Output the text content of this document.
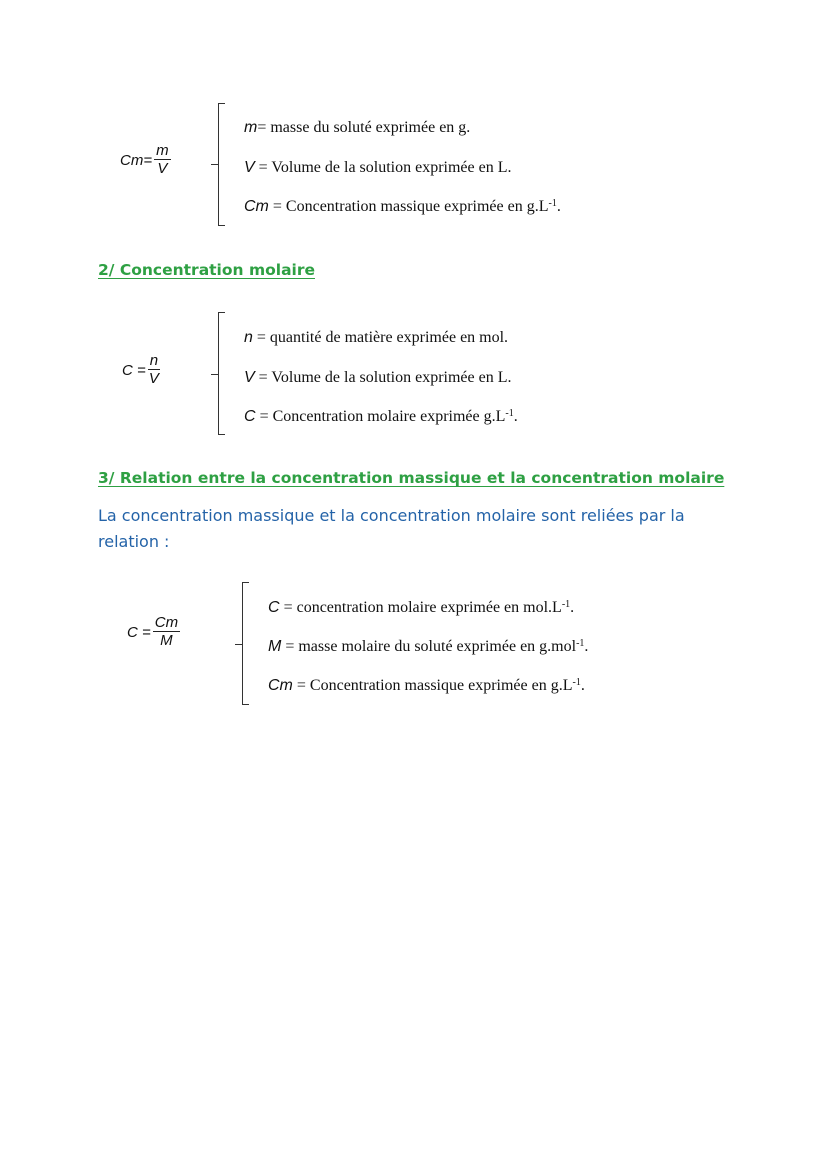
$Cm= \frac{m}{V}$
m= masse du soluté exprimée en g.
V = Volume de la solution exprimée en L.
Cm = Concentration massique exprimée en $g.L^{-1}$.
2/ Concentration molaire
$C = \frac{n}{V}$
n = quantité de matière exprimée en mol.
V = Volume de la solution exprimée en L.
C = Concentration molaire exprimée $g.L^{-1}$.
3/ Relation entre la concentration massique et la concentration molaire
La concentration massique et la concentration molaire sont reliées par la relation :
$C = \frac{Cm}{M}$
C = concentration molaire exprimée en $mol.L^{-1}$.
M = masse molaire du soluté exprimée en g.mol$^{-1}$.
Cm = Concentration massique exprimée en $g.L^{-1}$.
